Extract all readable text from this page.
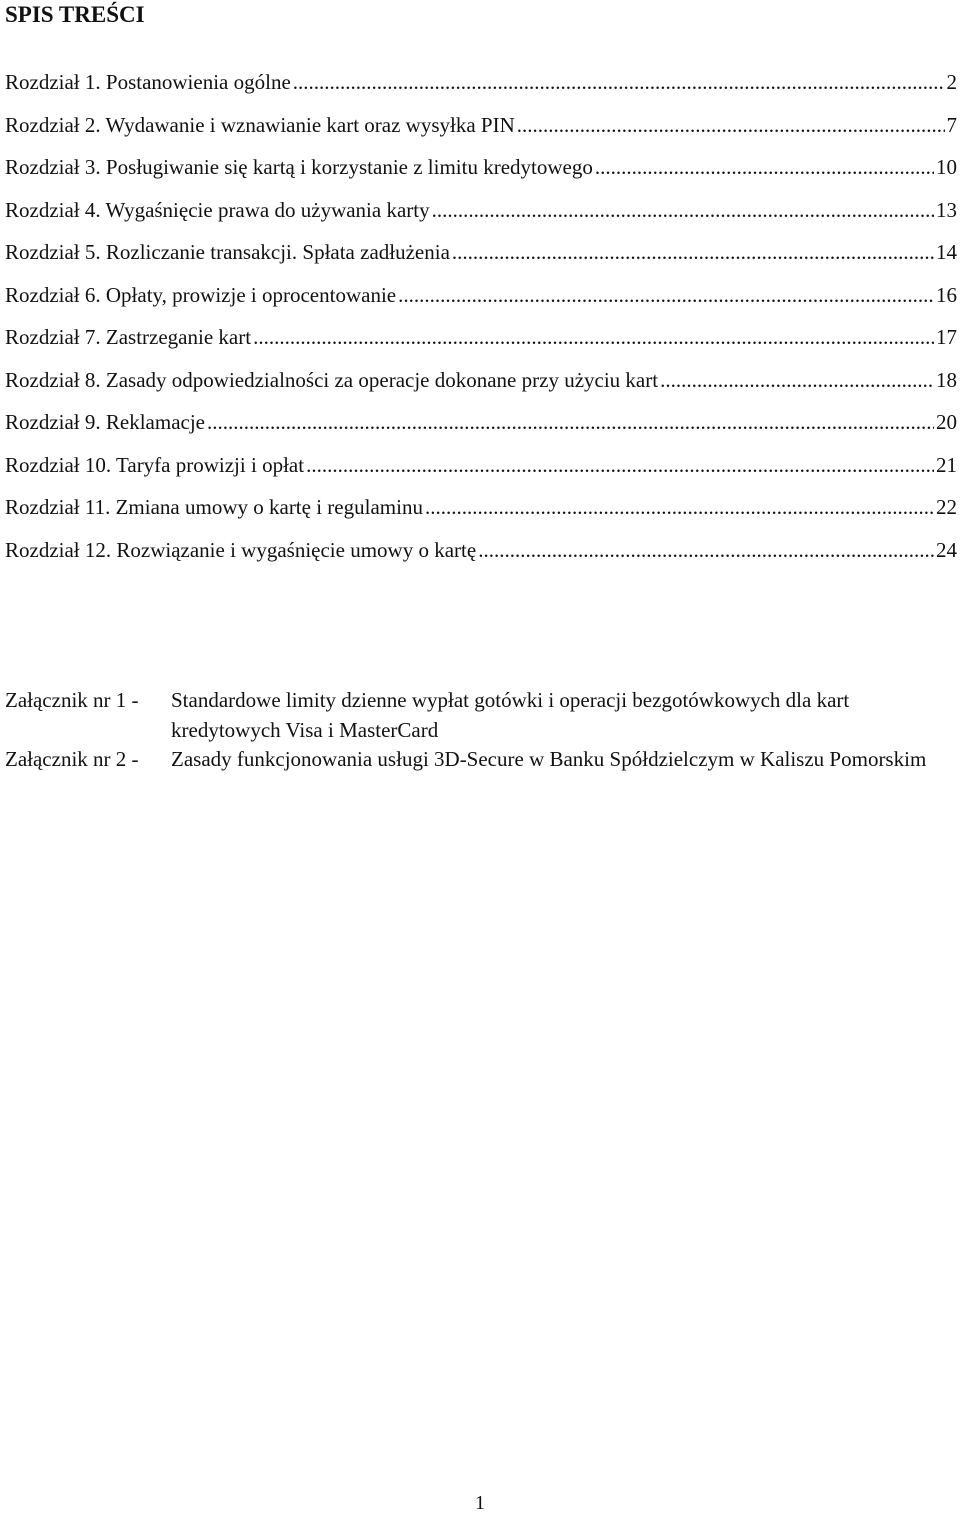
SPIS TREŚCI
Rozdział 1. Postanowienia ogólne .....	2
Rozdział 2. Wydawanie i wznawianie kart oraz wysyłka PIN .....	7
Rozdział 3. Posługiwanie się kartą i korzystanie z limitu kredytowego .....	10
Rozdział 4. Wygaśnięcie prawa do używania karty .....	13
Rozdział 5. Rozliczanie transakcji. Spłata zadłużenia .....	14
Rozdział 6. Opłaty, prowizje i oprocentowanie .....	16
Rozdział 7. Zastrzeganie kart .....	17
Rozdział 8. Zasady odpowiedzialności za operacje dokonane przy użyciu kart .....	18
Rozdział 9. Reklamacje .....	20
Rozdział 10. Taryfa prowizji i opłat .....	21
Rozdział 11. Zmiana umowy o kartę i regulaminu .....	22
Rozdział 12. Rozwiązanie i wygaśnięcie umowy o kartę .....	24
Załącznik nr 1 -	Standardowe limity dzienne wypłat gotówki i operacji bezgotówkowych dla kart kredytowych Visa i MasterCard
Załącznik nr 2 -	Zasady funkcjonowania usługi 3D-Secure w Banku Spółdzielczym w Kaliszu Pomorskim
1
